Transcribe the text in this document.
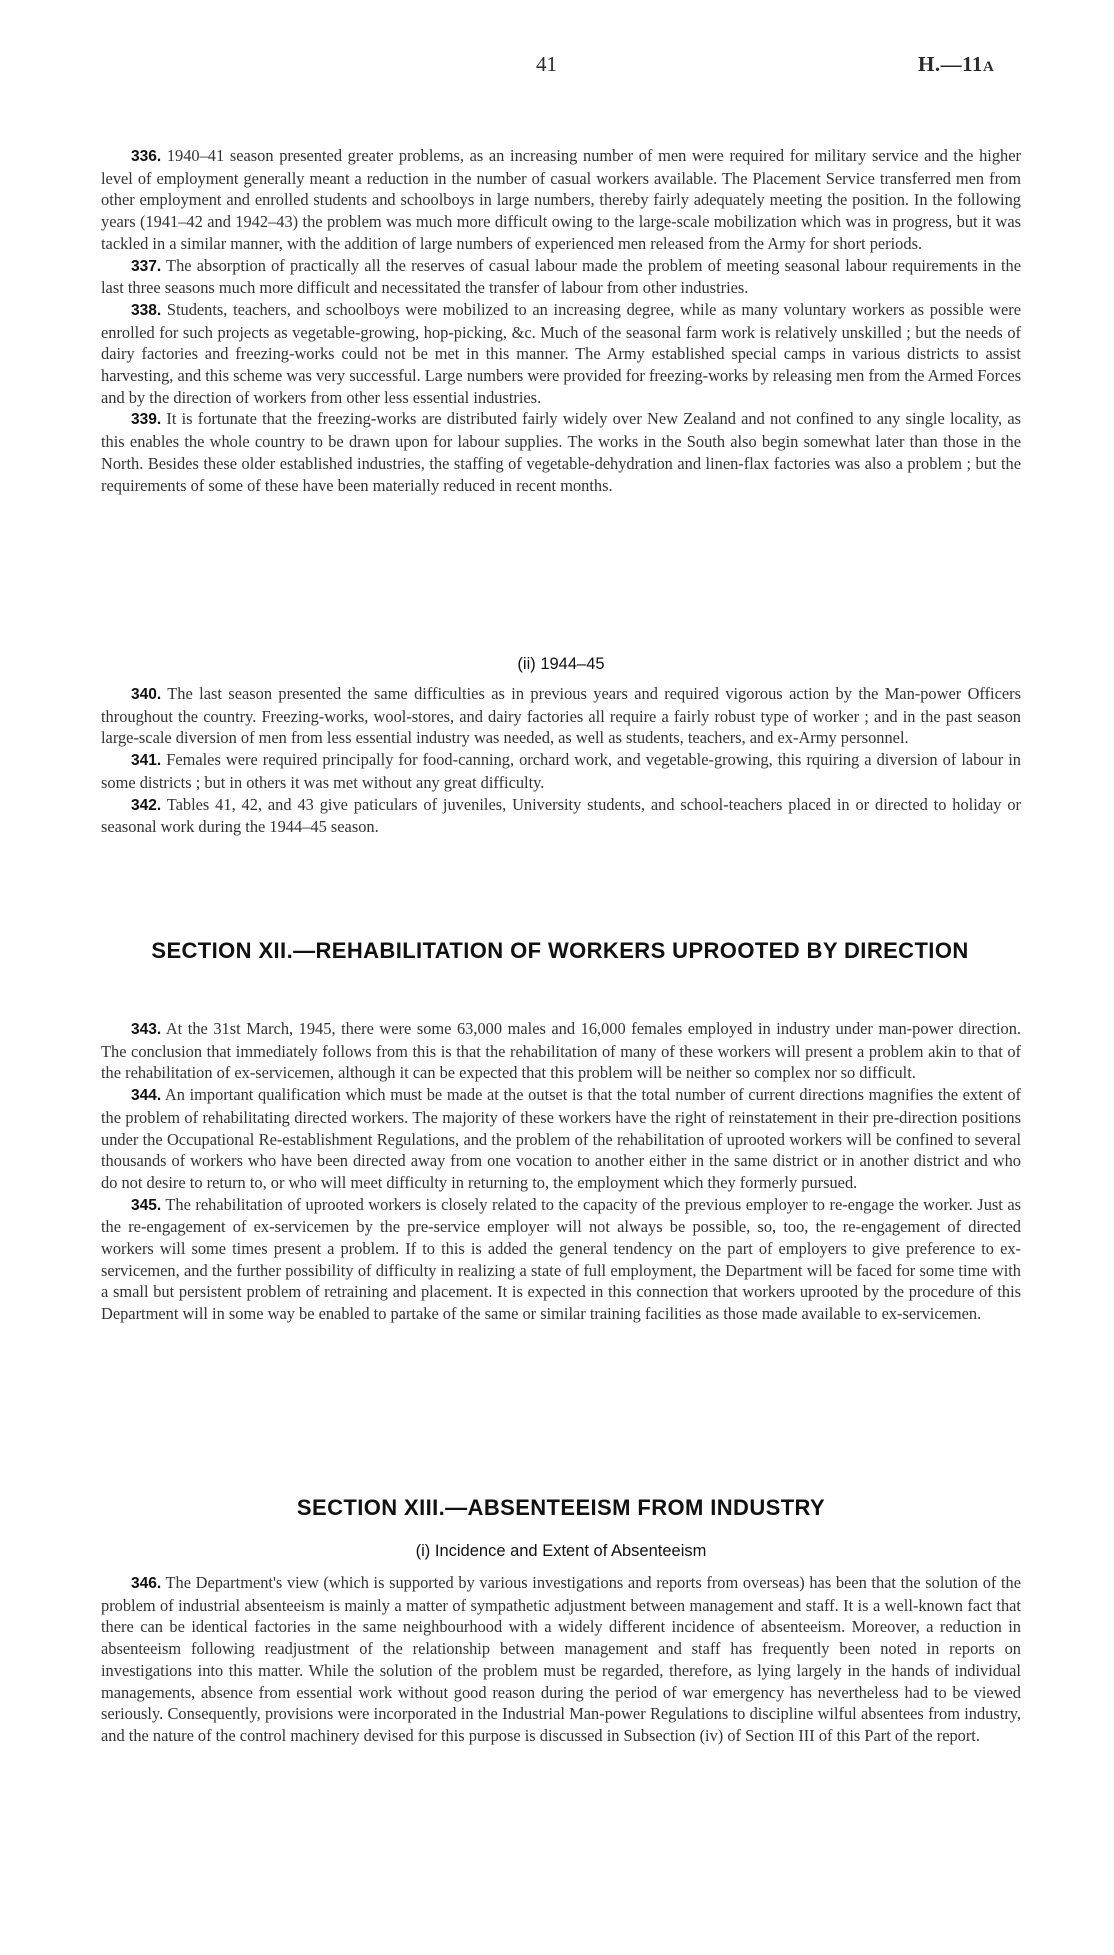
41	H.—11A

336. 1940–41 season presented greater problems, as an increasing number of men were required for military service and the higher level of employment generally meant a reduction in the number of casual workers available. The Placement Service transferred men from other employment and enrolled students and schoolboys in large numbers, thereby fairly adequately meeting the position. In the following years (1941–42 and 1942–43) the problem was much more difficult owing to the large-scale mobilization which was in progress, but it was tackled in a similar manner, with the addition of large numbers of experienced men released from the Army for short periods.

337. The absorption of practically all the reserves of casual labour made the problem of meeting seasonal labour requirements in the last three seasons much more difficult and necessitated the transfer of labour from other industries.

338. Students, teachers, and schoolboys were mobilized to an increasing degree, while as many voluntary workers as possible were enrolled for such projects as vegetable-growing, hop-picking, &c. Much of the seasonal farm work is relatively unskilled ; but the needs of dairy factories and freezing-works could not be met in this manner. The Army established special camps in various districts to assist harvesting, and this scheme was very successful. Large numbers were provided for freezing-works by releasing men from the Armed Forces and by the direction of workers from other less essential industries.

339. It is fortunate that the freezing-works are distributed fairly widely over New Zealand and not confined to any single locality, as this enables the whole country to be drawn upon for labour supplies. The works in the South also begin somewhat later than those in the North. Besides these older established industries, the staffing of vegetable-dehydration and linen-flax factories was also a problem ; but the requirements of some of these have been materially reduced in recent months.

(ii) 1944–45

340. The last season presented the same difficulties as in previous years and required vigorous action by the Man-power Officers throughout the country. Freezing-works, wool-stores, and dairy factories all require a fairly robust type of worker ; and in the past season large-scale diversion of men from less essential industry was needed, as well as students, teachers, and ex-Army personnel.

341. Females were required principally for food-canning, orchard work, and vegetable-growing, this rquiring a diversion of labour in some districts ; but in others it was met without any great difficulty.

342. Tables 41, 42, and 43 give paticulars of juveniles, University students, and school-teachers placed in or directed to holiday or seasonal work during the 1944–45 season.

SECTION XII.—REHABILITATION OF WORKERS UPROOTED BY DIRECTION

343. At the 31st March, 1945, there were some 63,000 males and 16,000 females employed in industry under man-power direction. The conclusion that immediately follows from this is that the rehabilitation of many of these workers will present a problem akin to that of the rehabilitation of ex-servicemen, although it can be expected that this problem will be neither so complex nor so difficult.

344. An important qualification which must be made at the outset is that the total number of current directions magnifies the extent of the problem of rehabilitating directed workers. The majority of these workers have the right of reinstatement in their pre-direction positions under the Occupational Re-establishment Regulations, and the problem of the rehabilitation of uprooted workers will be confined to several thousands of workers who have been directed away from one vocation to another either in the same district or in another district and who do not desire to return to, or who will meet difficulty in returning to, the employment which they formerly pursued.

345. The rehabilitation of uprooted workers is closely related to the capacity of the previous employer to re-engage the worker. Just as the re-engagement of ex-servicemen by the pre-service employer will not always be possible, so, too, the re-engagement of directed workers will some times present a problem. If to this is added the general tendency on the part of employers to give preference to ex-servicemen, and the further possibility of difficulty in realizing a state of full employment, the Department will be faced for some time with a small but persistent problem of retraining and placement. It is expected in this connection that workers uprooted by the procedure of this Department will in some way be enabled to partake of the same or similar training facilities as those made available to ex-servicemen.

SECTION XIII.—ABSENTEEISM FROM INDUSTRY

(i) Incidence and Extent of Absenteeism

346. The Department's view (which is supported by various investigations and reports from overseas) has been that the solution of the problem of industrial absenteeism is mainly a matter of sympathetic adjustment between management and staff. It is a well-known fact that there can be identical factories in the same neighbourhood with a widely different incidence of absenteeism. Moreover, a reduction in absenteeism following readjustment of the relationship between management and staff has frequently been noted in reports on investigations into this matter. While the solution of the problem must be regarded, therefore, as lying largely in the hands of individual managements, absence from essential work without good reason during the period of war emergency has nevertheless had to be viewed seriously. Consequently, provisions were incorporated in the Industrial Man-power Regulations to discipline wilful absentees from industry, and the nature of the control machinery devised for this purpose is discussed in Subsection (iv) of Section III of this Part of the report.
